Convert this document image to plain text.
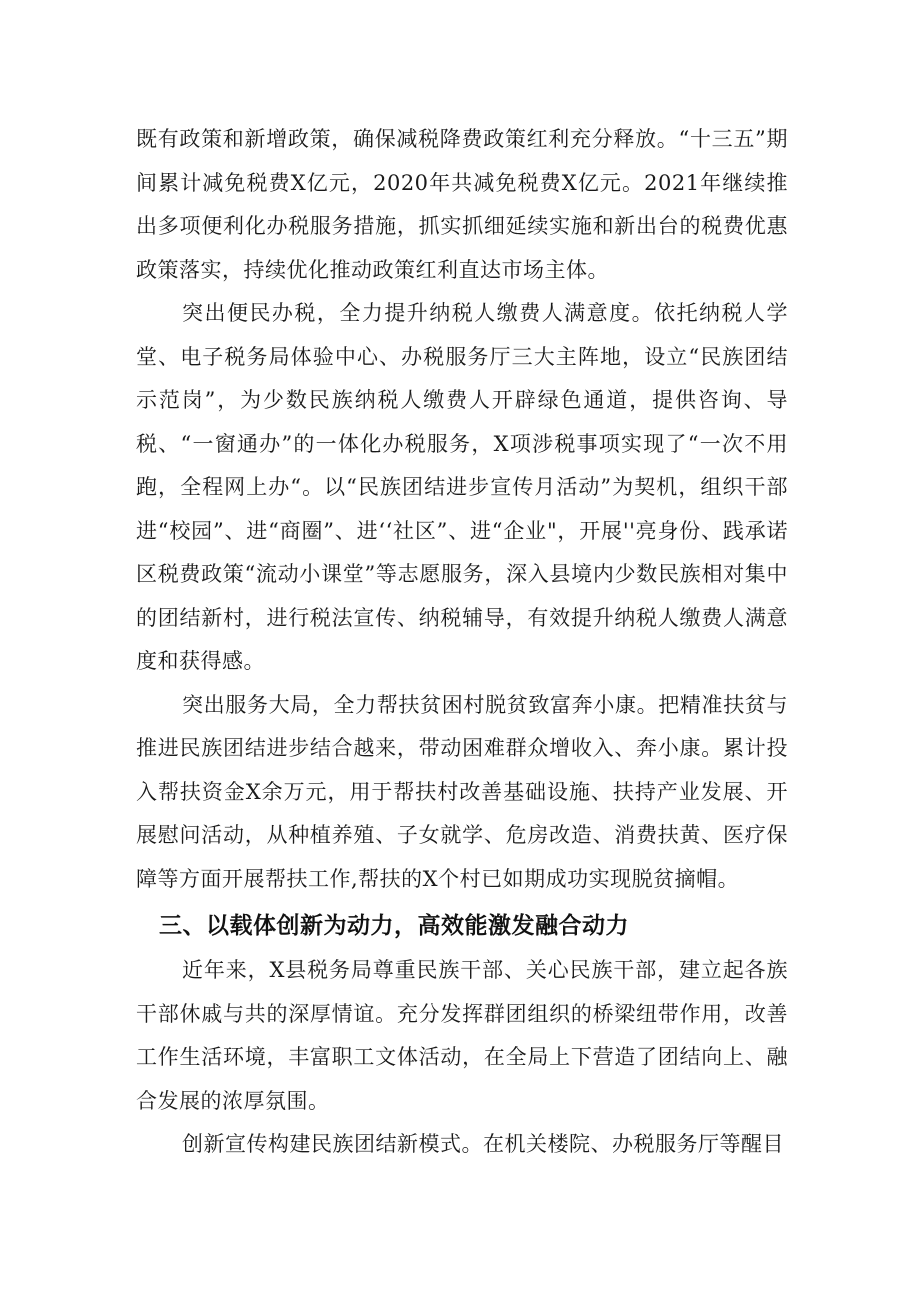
既有政策和新增政策，确保减税降费政策红利充分释放。“十三五”期间累计减免税费X亿元，2020年共减免税费X亿元。2021年继续推出多项便利化办税服务措施，抓实抓细延续实施和新出台的税费优惠政策落实，持续优化推动政策红利直达市场主体。

突出便民办税，全力提升纳税人缴费人满意度。依托纳税人学堂、电子税务局体验中心、办税服务厅三大主阵地，设立“民族团结示范岗”，为少数民族纳税人缴费人开辟绿色通道，提供咨询、导税、“一窗通办”的一体化办税服务，X项涉税事项实现了“一次不用跑，全程网上办“。以“民族团结进步宣传月活动”为契机，组织干部进“校园”、进“商圈”、进‘‘社区”、进“企业"，开展''亮身份、践承诺区税费政策“流动小课堂”等志愿服务，深入县境内少数民族相对集中的团结新村，进行税法宣传、纳税辅导，有效提升纳税人缴费人满意度和获得感。

突出服务大局，全力帮扶贫困村脱贫致富奔小康。把精准扶贫与推进民族团结进步结合越来，带动困难群众增收入、奔小康。累计投入帮扶资金X余万元，用于帮扶村改善基础设施、扶持产业发展、开展慰问活动，从种植养殖、子女就学、危房改造、消费扶黄、医疗保障等方面开展帮扶工作,帮扶的X个村已如期成功实现脱贫摘帽。

三、以载体创新为动力，高效能激发融合动力

近年来，X县税务局尊重民族干部、关心民族干部，建立起各族干部休戚与共的深厚情谊。充分发挥群团组织的桥梁纽带作用，改善工作生活环境，丰富职工文体活动，在全局上下营造了团结向上、融合发展的浓厚氛围。

创新宣传构建民族团结新模式。在机关楼院、办税服务厅等醒目
